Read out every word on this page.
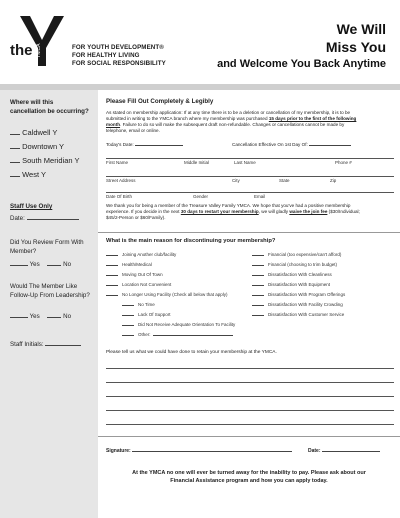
YMCA
the	FOR YOUTH DEVELOPMENT®
FOR HEALTHY LIVING
FOR SOCIAL RESPONSIBILITY
We Will
Miss You
and Welcome You Back Anytime
Where will this cancellation be occurring?
Caldwell Y
Downtown Y
South Meridian Y
West Y
Staff Use Only
Date:
Did You Review Form With Member?
Yes	No
Would The Member Like Follow-Up From Leadership?
Yes	No
Staff Initials:
Please Fill Out Completely & Legibly
As stated on membership application: If at any time there is to be a deletion or cancellation of my membership, it is to be
submitted in writing to the YMCA branch where my membership was purchased 15 days prior to the first of the following
month. Failure to do so will make the subsequent draft non-refundable. Changes or cancellations cannot be made by
telephone, email or online.
Today's Date:	Cancellation Effective On 1st Day Of:
First Name	Middle Initial	Last Name	Phone #
Street Address	City	State	Zip
Date Of Birth	Gender	Email
We thank you for being a member of the Treasure Valley Family YMCA. We hope that you've had a positive membership
experience. If you decide in the next 30 days to restart your membership, we will gladly waive the join fee ($30/Individual;
$45/2-Person or $60/Family).
What is the main reason for discontinuing your membership?
Joining Another club/facility
Health/Medical
Moving Out Of Town
Location Not Convenient
No Longer Using Facility (Check all below that apply)
No Time
Lack Of Support
Did Not Receive Adequate Orientation To Facility
Other:
Financial (too expensive/can't afford)
Financial (choosing to trim budget)
Dissatisfaction With Cleanliness
Dissatisfaction With Equipment
Dissatisfaction With Program Offerings
Dissatisfaction With Facility Crowding
Dissatisfaction With Customer Service
Please tell us what we could have done to retain your membership at the YMCA.
Signature:	Date:
At the YMCA no one will ever be turned away for the inability to pay. Please ask about our
Financial Assistance program and how you can apply today.
